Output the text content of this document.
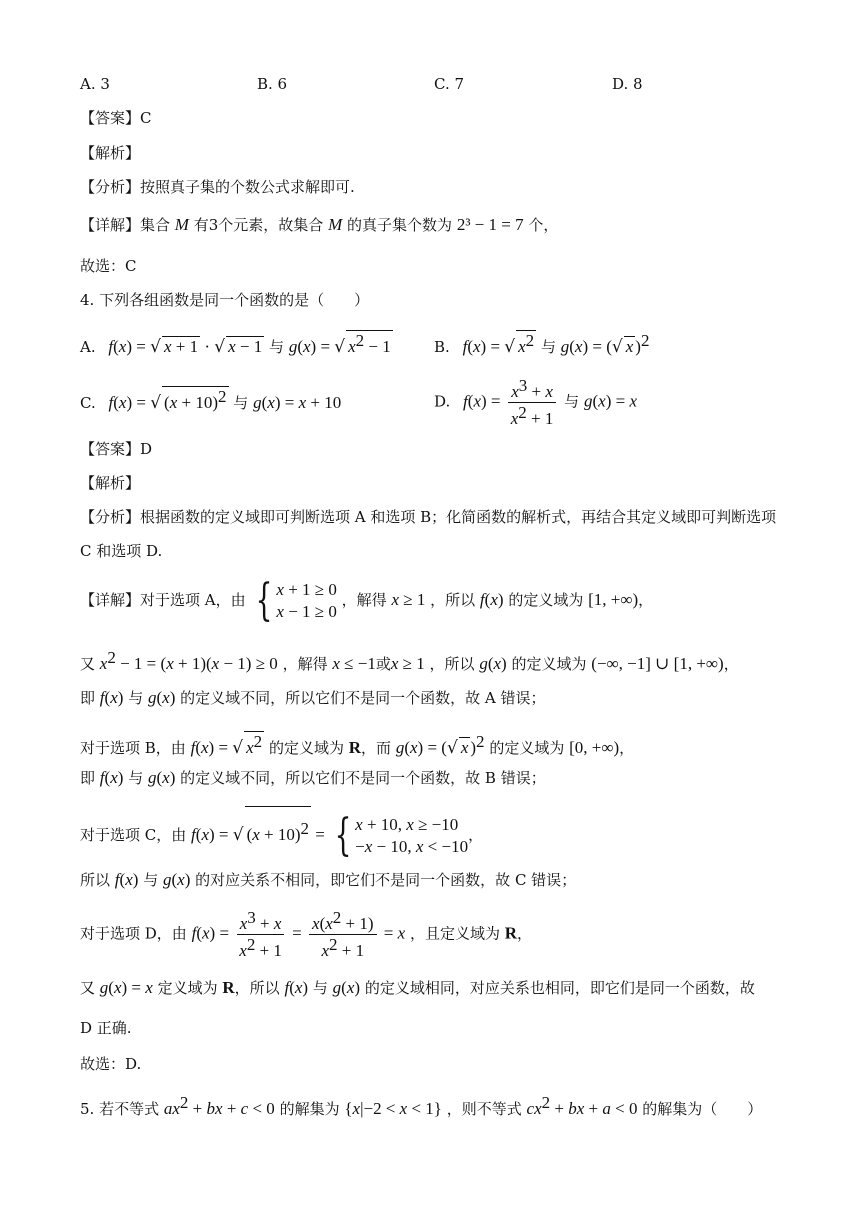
A. 3	B. 6	C. 7	D. 8
【答案】C
【解析】
【分析】按照真子集的个数公式求解即可.
【详解】集合 M 有3个元素，故集合 M 的真子集个数为 2³ − 1 = 7 个，
故选：C
4. 下列各组函数是同一个函数的是（　　）
A. f(x) = √ x + 1 · √ x − 1 与 g(x) = √ $x^2 - 1$	B. f(x) = √ $x^2$ 与 g(x) = (√ x )$^2$
C. f(x) = √ $(x + 10)^2$ 与 g(x) = x + 10	D. $f(x) = \frac{x^3 + x}{x^2 + 1}$ 与 g(x) = x
【答案】D
【解析】
【分析】根据函数的定义域即可判断选项 A 和选项 B；化简函数的解析式，再结合其定义域即可判断选项
C 和选项 D.
【详解】对于选项 A，由 { x + 1 ≥ 0
x − 1 ≥ 0
，解得 x ≥ 1 ，所以 f(x) 的定义域为 [1, +∞)，
又 $x^2 - 1 = (x + 1)(x - 1) \ge 0$ ，解得 x ≤ −1或x ≥ 1 ，所以 g(x) 的定义域为 (−∞, −1] ∪ [1, +∞)，
即 f(x) 与 g(x) 的定义域不同，所以它们不是同一个函数，故 A 错误；
对于选项 B，由 f(x) = √ $x^2$ 的定义域为 R，而 g(x) = (√ x )$^2$ 的定义域为 [0, +∞)，
即 f(x) 与 g(x) 的定义域不同，所以它们不是同一个函数，故 B 错误；
对于选项 C，由 f(x) = √ $(x + 10)^2$ = { x + 10, x ≥ −10
−x − 10, x < −10
，
所以 f(x) 与 g(x) 的对应关系不相同，即它们不是同一个函数，故 C 错误；
对于选项 D，由 $f(x) = \frac{x^3 + x}{x^2 + 1} = \frac{x(x^2 + 1)}{x^2 + 1} = x$ ，且定义域为 R，
又 g(x) = x 定义域为 R，所以 f(x) 与 g(x) 的定义域相同，对应关系也相同，即它们是同一个函数，故
D 正确.
故选：D.
5. 若不等式 $ax^2$ + bx + c < 0 的解集为 {x|−2 < x < 1} ，则不等式 $cx^2$ + bx + a < 0 的解集为（　　）
